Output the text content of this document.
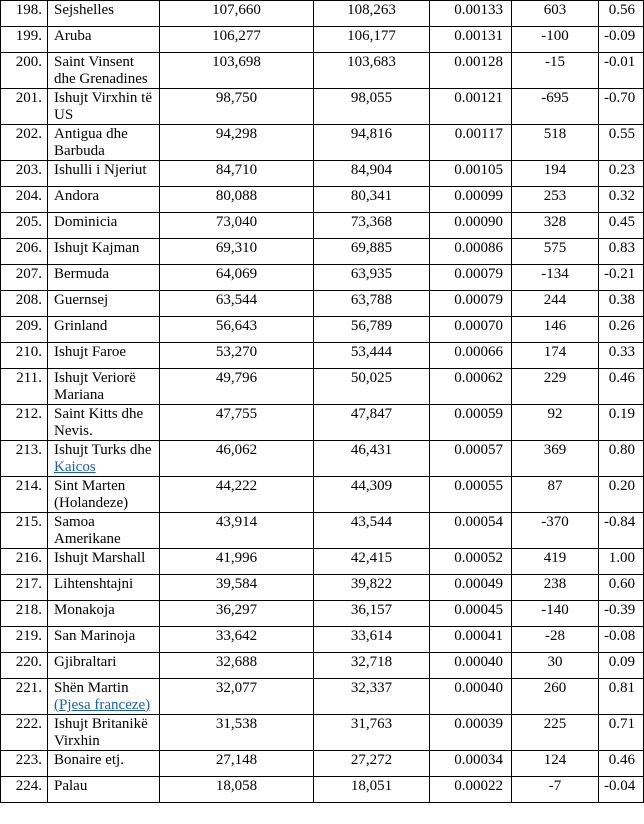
198.	Sejshelles	107,660	108,263	0.00133	603	0.56
199.	Aruba	106,277	106,177	0.00131	-100	-0.09
200.	Saint Vinsent
dhe Grenadines	103,698	103,683	0.00128	-15	-0.01
201.	Ishujt Virxhin të
US	98,750	98,055	0.00121	-695	-0.70
202.	Antigua dhe
Barbuda	94,298	94,816	0.00117	518	0.55
203.	Ishulli i Njeriut	84,710	84,904	0.00105	194	0.23
204.	Andora	80,088	80,341	0.00099	253	0.32
205.	Dominicia	73,040	73,368	0.00090	328	0.45
206.	Ishujt Kajman	69,310	69,885	0.00086	575	0.83
207.	Bermuda	64,069	63,935	0.00079	-134	-0.21
208.	Guernsej	63,544	63,788	0.00079	244	0.38
209.	Grinland	56,643	56,789	0.00070	146	0.26
210.	Ishujt Faroe	53,270	53,444	0.00066	174	0.33
211.	Ishujt Veriorë
Mariana	49,796	50,025	0.00062	229	0.46
212.	Saint Kitts dhe
Nevis.	47,755	47,847	0.00059	92	0.19
213.	Ishujt Turks dhe
Kaicos	46,062	46,431	0.00057	369	0.80
214.	Sint Marten
(Holandeze)	44,222	44,309	0.00055	87	0.20
215.	Samoa
Amerikane	43,914	43,544	0.00054	-370	-0.84
216.	Ishujt Marshall	41,996	42,415	0.00052	419	1.00
217.	Lihtenshtajni	39,584	39,822	0.00049	238	0.60
218.	Monakoja	36,297	36,157	0.00045	-140	-0.39
219.	San Marinoja	33,642	33,614	0.00041	-28	-0.08
220.	Gjibraltari	32,688	32,718	0.00040	30	0.09
221.	Shën Martin
(Pjesa franceze)	32,077	32,337	0.00040	260	0.81
222.	Ishujt Britanikë
Virxhin	31,538	31,763	0.00039	225	0.71
223.	Bonaire etj.	27,148	27,272	0.00034	124	0.46
224.	Palau	18,058	18,051	0.00022	-7	-0.04
